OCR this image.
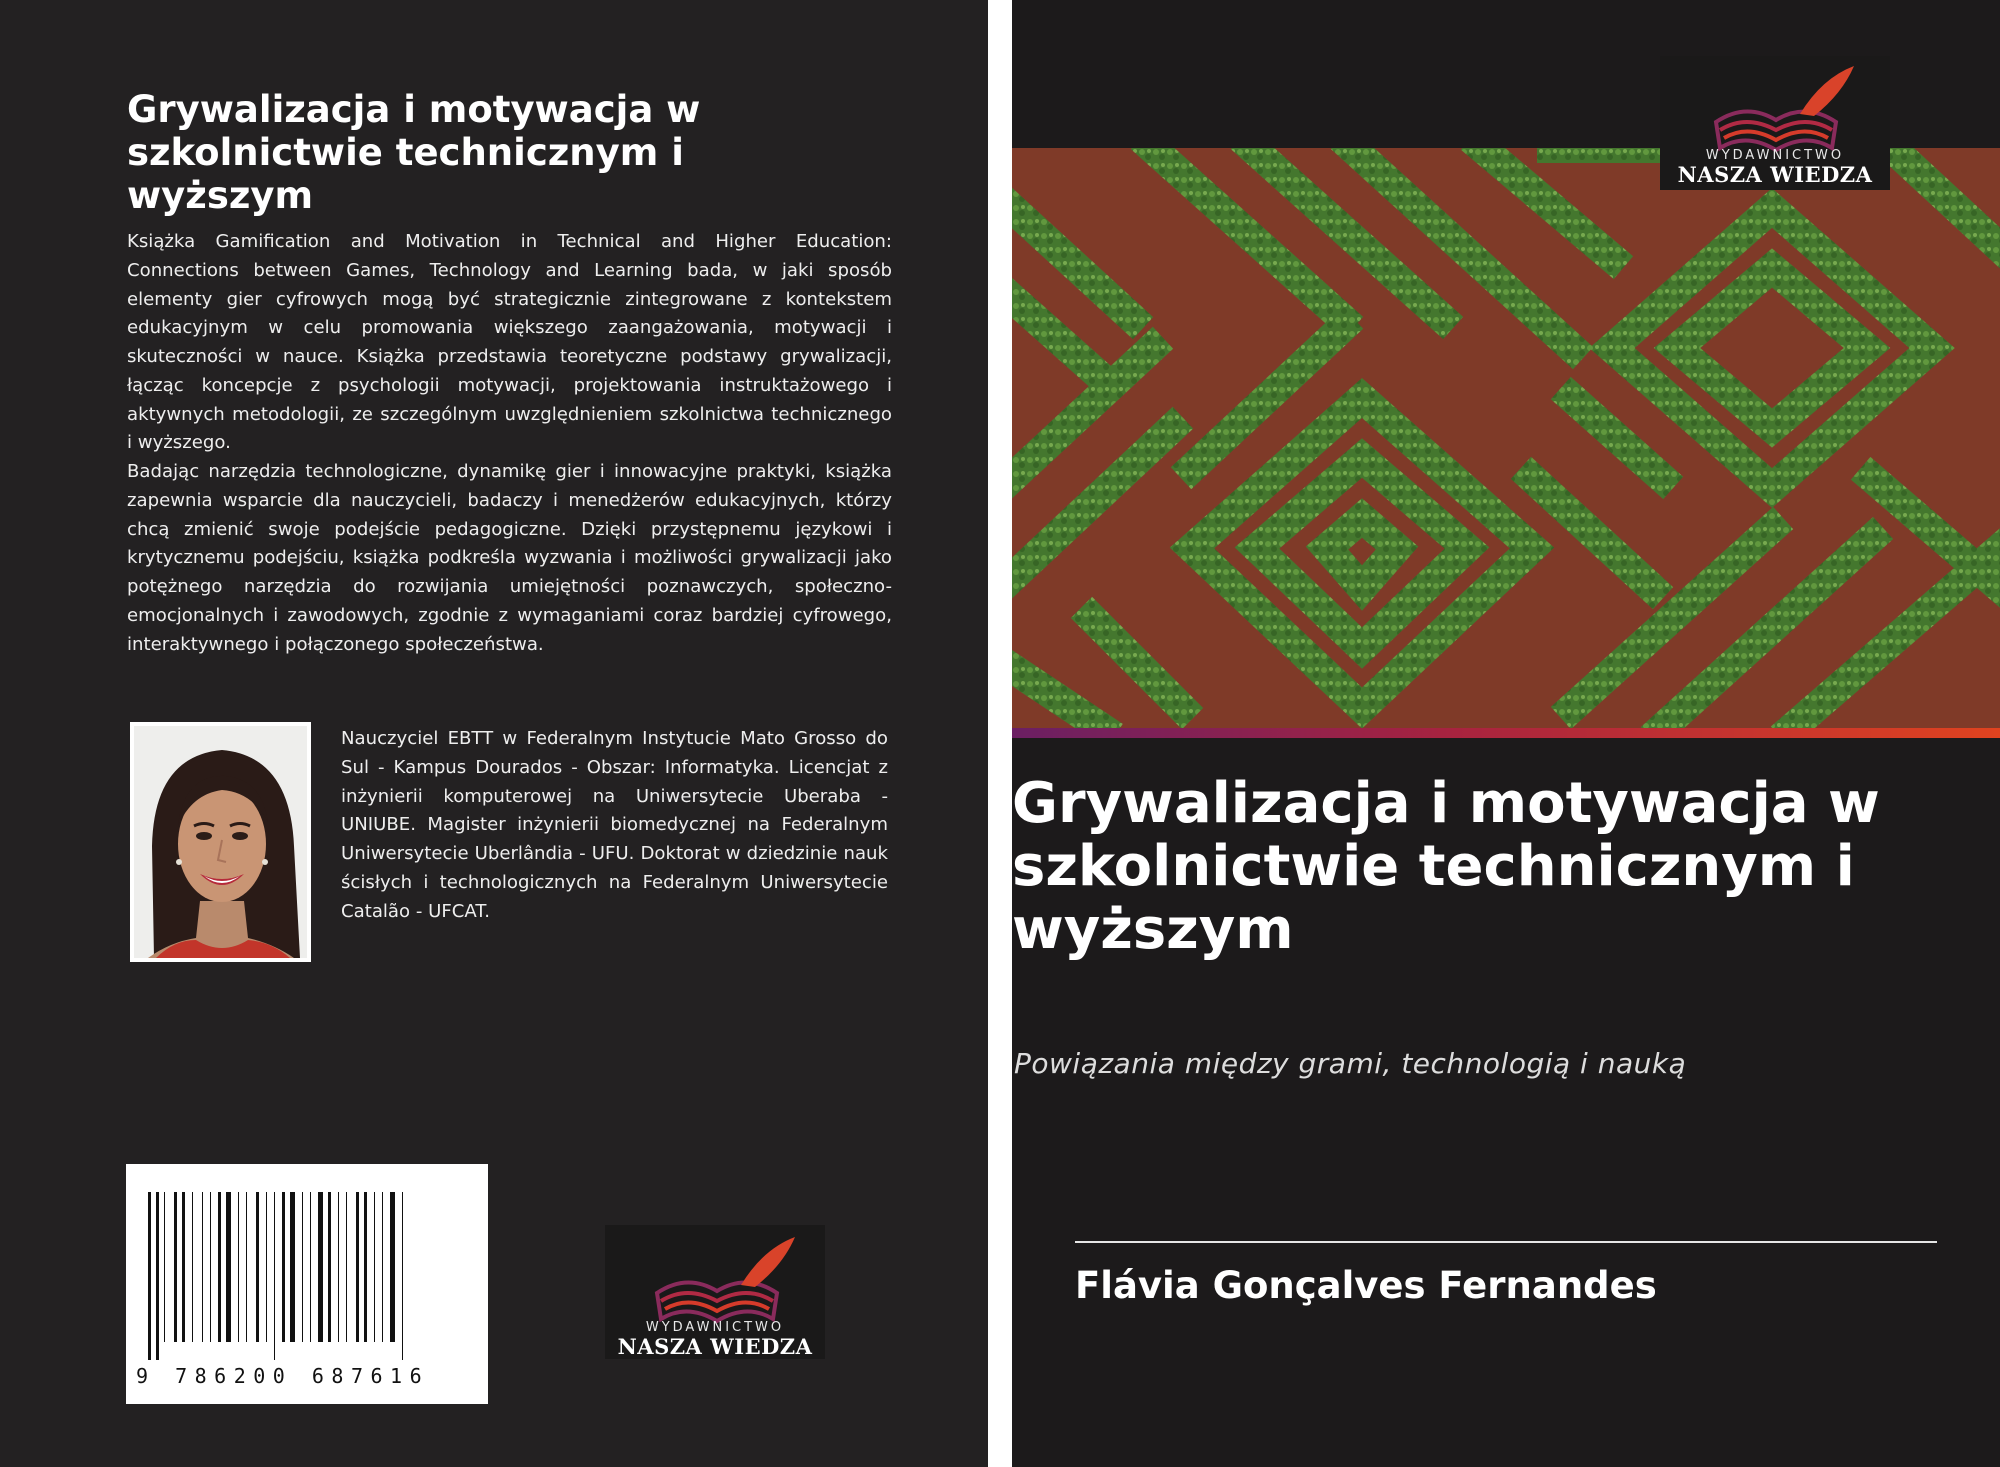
Grywalizacja i motywacja w szkolnictwie technicznym i wyższym

Książka Gamification and Motivation in Technical and Higher Education: Connections between Games, Technology and Learning bada, w jaki sposób elementy gier cyfrowych mogą być strategicznie zintegrowane z kontekstem edukacyjnym w celu promowania większego zaangażowania, motywacji i skuteczności w nauce. Książka przedstawia teoretyczne podstawy grywalizacji, łącząc koncepcje z psychologii motywacji, projektowania instruktażowego i aktywnych metodologii, ze szczególnym uwzględnieniem szkolnictwa technicznego i wyższego.

Badając narzędzia technologiczne, dynamikę gier i innowacyjne praktyki, książka zapewnia wsparcie dla nauczycieli, badaczy i menedżerów edukacyjnych, którzy chcą zmienić swoje podejście pedagogiczne. Dzięki przystępnemu językowi i krytycznemu podejściu, książka podkreśla wyzwania i możliwości grywalizacji jako potężnego narzędzia do rozwijania umiejętności poznawczych, społeczno-emocjonalnych i zawodowych, zgodnie z wymaganiami coraz bardziej cyfrowego, interaktywnego i połączonego społeczeństwa.

Nauczyciel EBTT w Federalnym Instytucie Mato Grosso do Sul - Kampus Dourados - Obszar: Informatyka. Licencjat z inżynierii komputerowej na Uniwersytecie Uberaba - UNIUBE. Magister inżynierii biomedycznej na Federalnym Uniwersytecie Uberlândia - UFU. Doktorat w dziedzinie nauk ścisłych i technologicznych na Federalnym Uniwersytecie Catalão - UFCAT.

9 786200 687616
WYDAWNICTWO
NASZA WIEDZA
WYDAWNICTWO
NASZA WIEDZA
Grywalizacja i motywacja w szkolnictwie technicznym i wyższym
Powiązania między grami, technologią i nauką
Flávia Gonçalves Fernandes
